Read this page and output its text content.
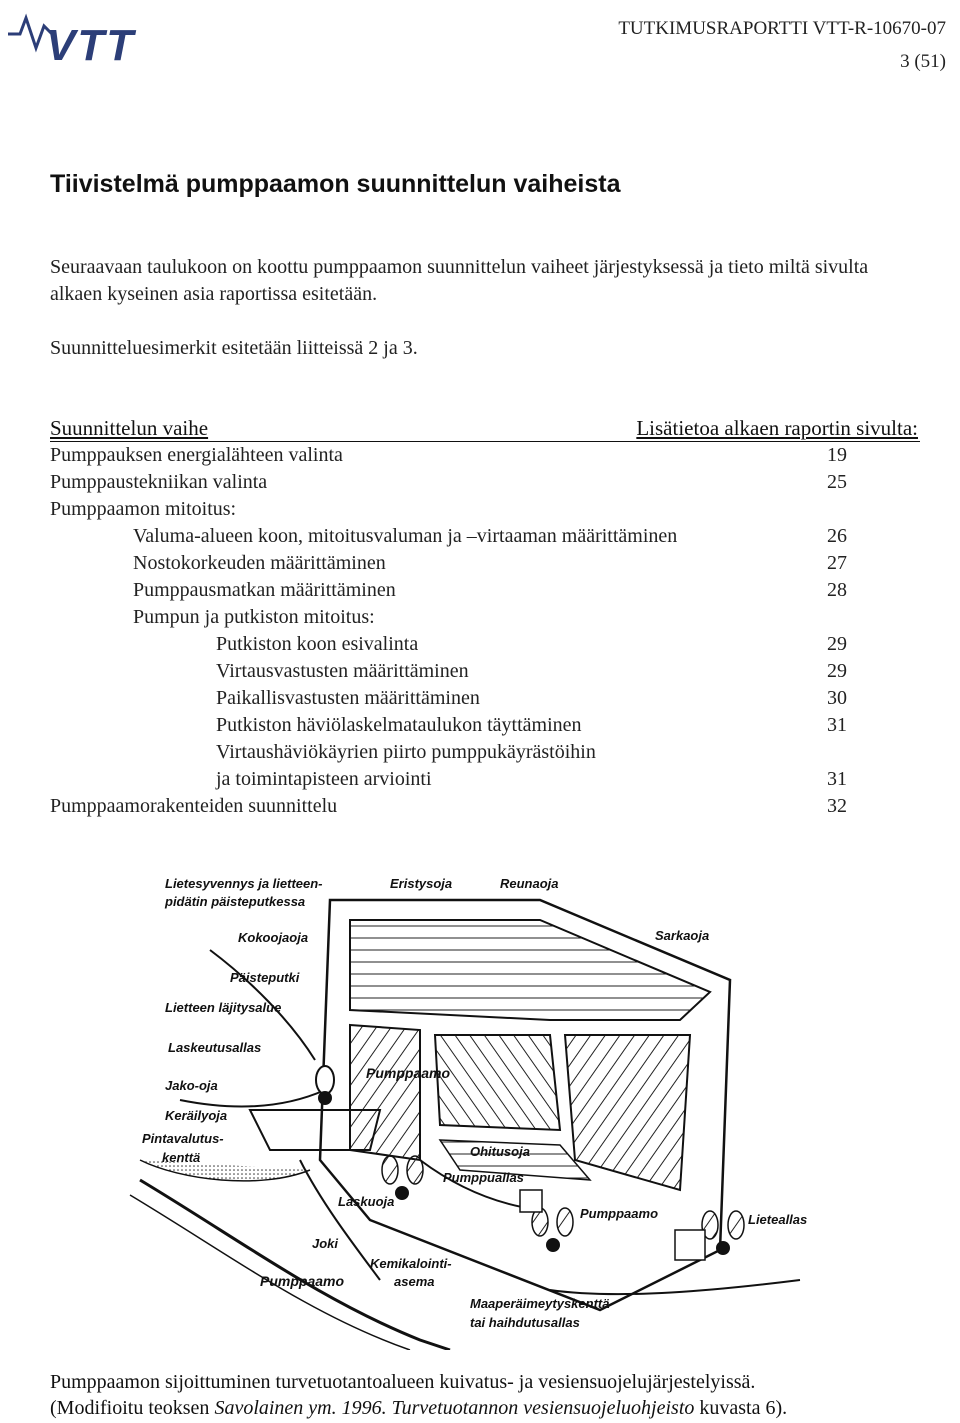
VTT	TUTKIMUSRAPORTTI VTT-R-10670-07
3 (51)
Tiivistelmä pumppaamon suunnittelun vaiheista
Seuraavaan taulukoon on koottu pumppaamon suunnittelun vaiheet järjestyksessä ja tieto miltä sivulta alkaen kyseinen asia raportissa esitetään.
Suunnitteluesimerkit esitetään liitteissä 2 ja 3.
Suunnittelun vaihe	Lisätietoa alkaen raportin sivulta:
Pumppauksen energialähteen valinta	19
Pumppaustekniikan valinta	25
Pumppaamon mitoitus:
Valuma-alueen koon, mitoitusvaluman ja –virtaaman määrittäminen	26
Nostokorkeuden määrittäminen	27
Pumppausmatkan määrittäminen	28
Pumpun ja putkiston mitoitus:
Putkiston koon esivalinta	29
Virtausvastusten määrittäminen	29
Paikallisvastusten määrittäminen	30
Putkiston häviölaskelmataulukon täyttäminen	31
Virtaushäviökäyrien piirto pumppukäyrästöihin
ja toimintapisteen arviointi	31
Pumppaamorakenteiden suunnittelu	32
Lietesyvennys ja lietteen-
pidätin päisteputkessa
Kokoojaoja
Päisteputki
Lietteen läjitysalue
Laskeutusallas
Jako-oja
Keräilyoja
Pintavalutus-
kenttä
Eristysoja	Reunaoja
Sarkaoja
Pumppaamo
Ohitusoja
Pumppuallas
Laskuoja
Pumppaamo	Lieteallas
Joki
Kemikalointi-
asema
Pumppaamo
Maaperäimeytyskenttä
tai haihdutusallas
Pumppaamon sijoittuminen turvetuotantoalueen kuivatus- ja vesiensuojelujärjestelyissä.
(Modifioitu teoksen Savolainen ym. 1996. Turvetuotannon vesiensuojeluohjeisto kuvasta 6).
